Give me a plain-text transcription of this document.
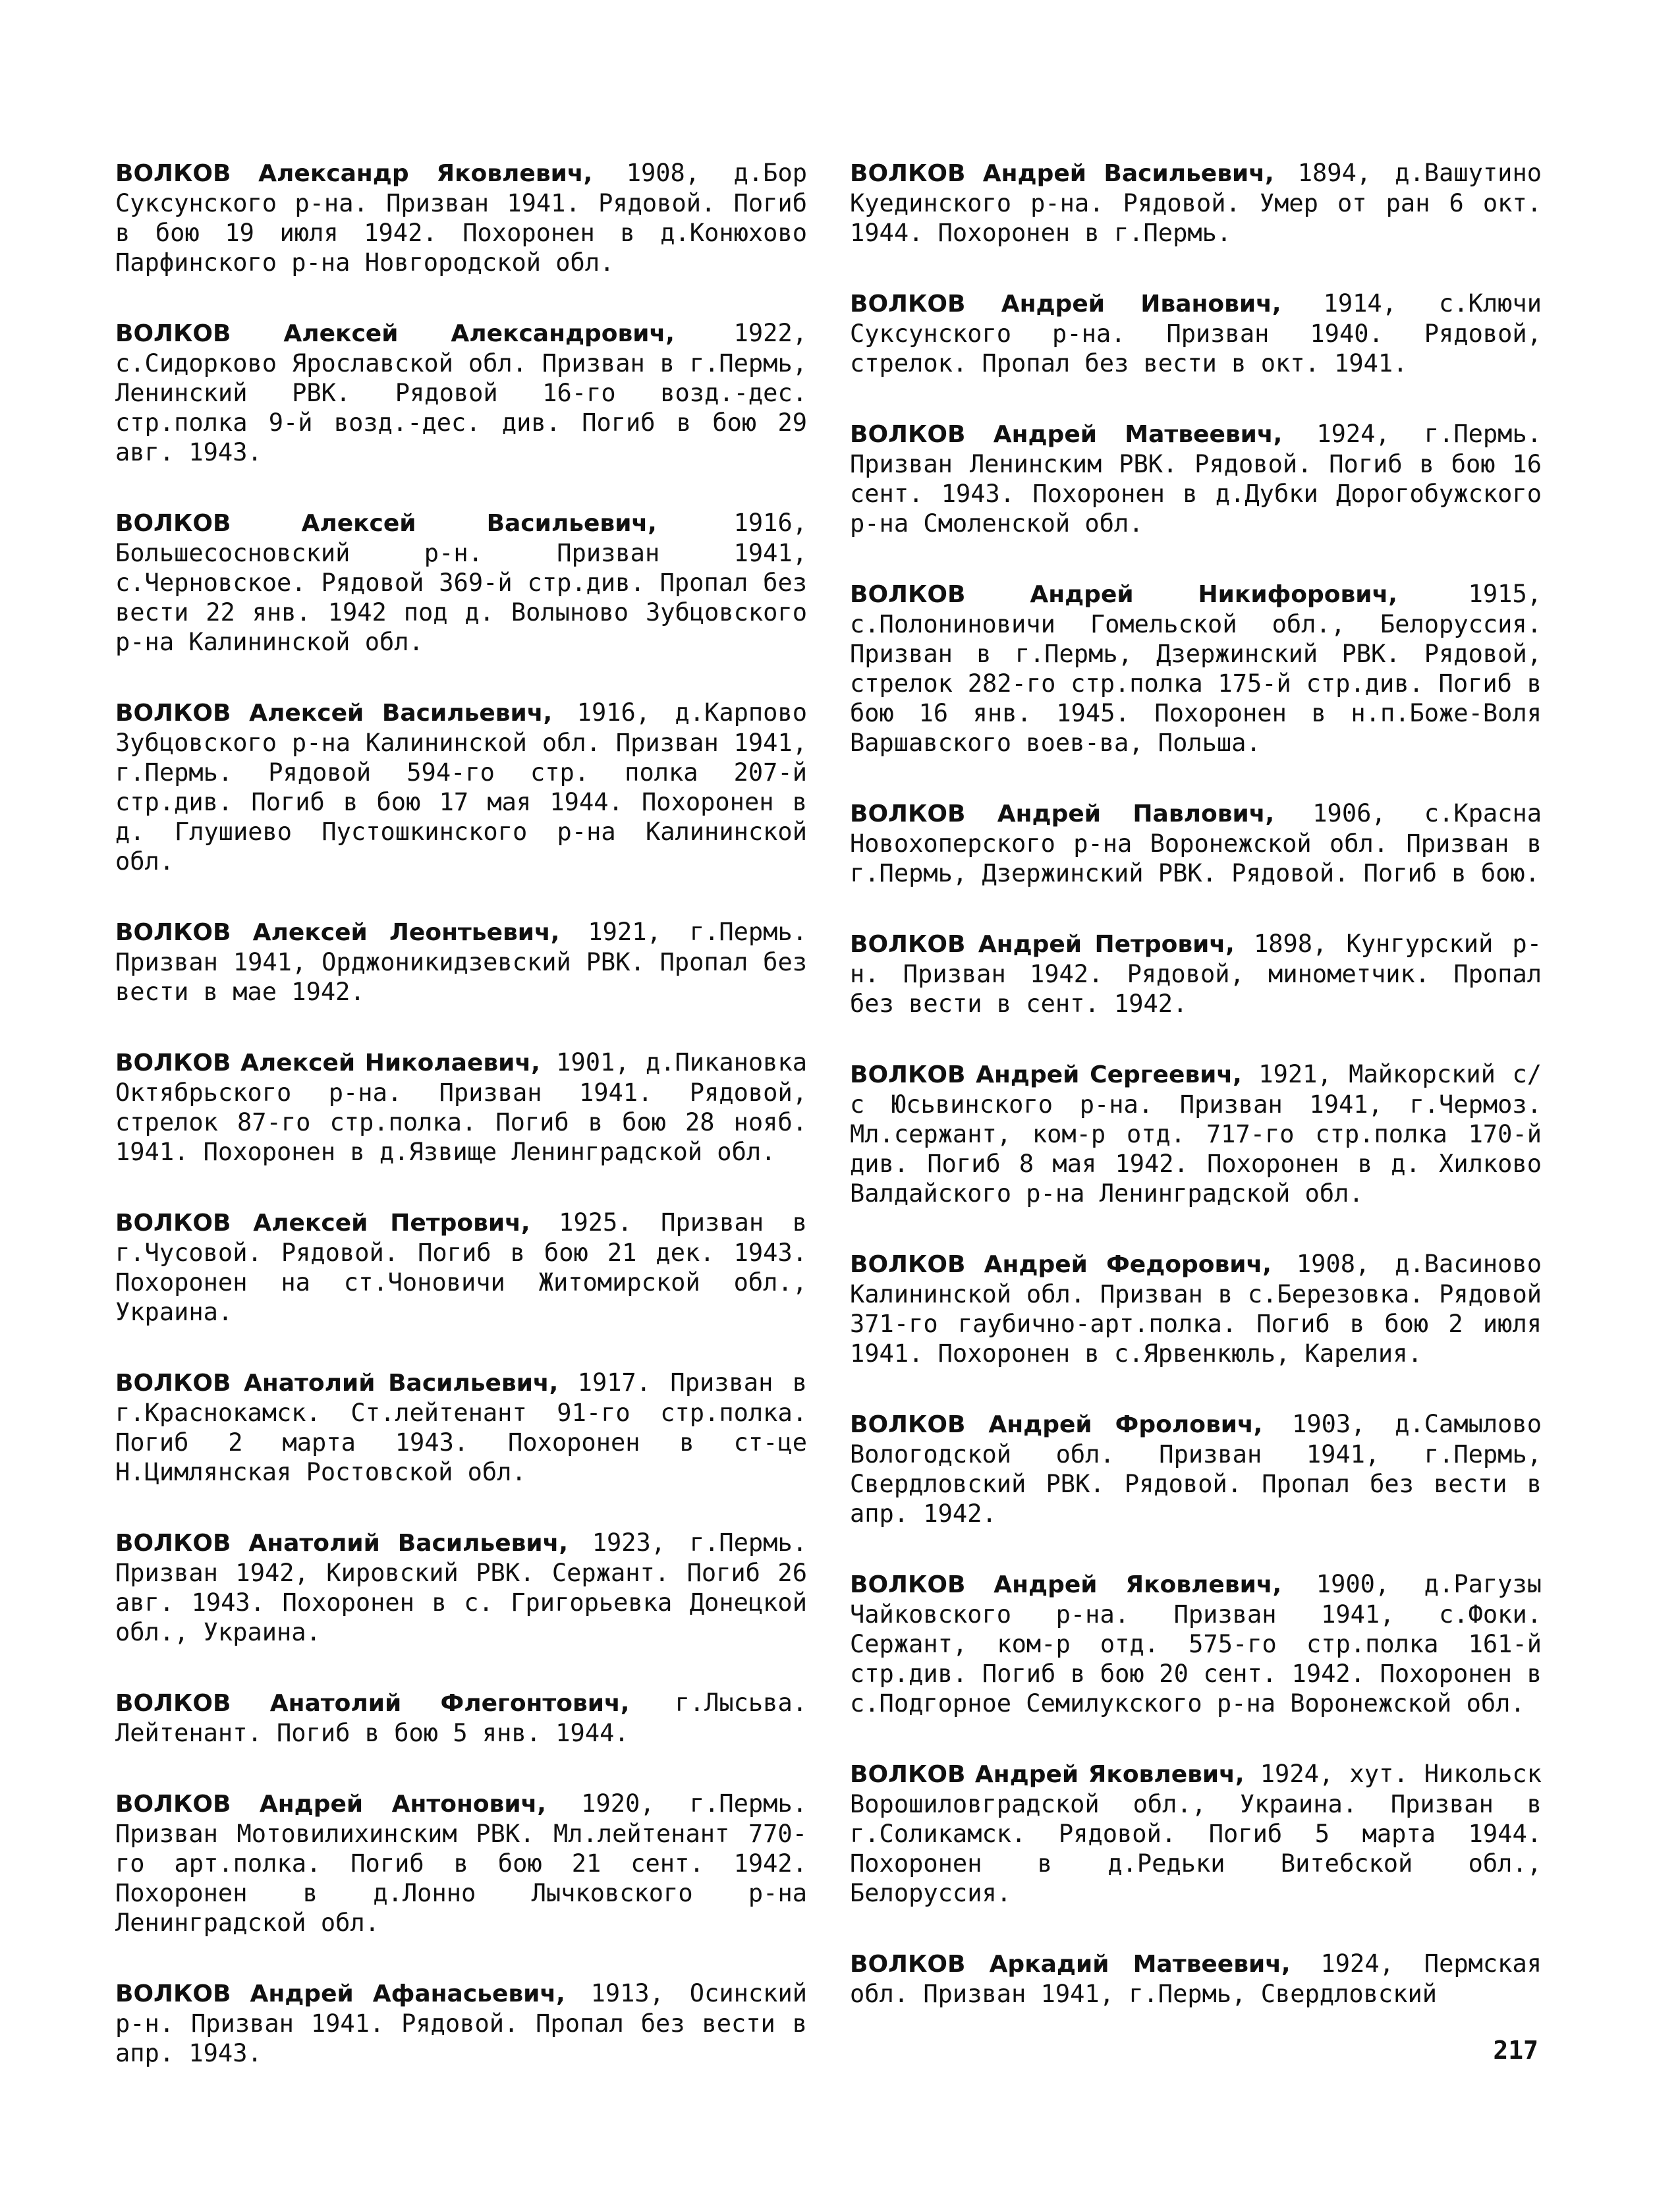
ВОЛКОВ Александр Яковлевич, 1908, д.Бор Суксунского р-на. Призван 1941. Рядовой. Погиб в бою 19 июля 1942. Похоронен в д.Конюхово Парфинского р-на Новгородской обл.

ВОЛКОВ Алексей Александрович, 1922, с.Сидорково Ярославской обл. Призван в г.Пермь, Ленинский РВК. Рядовой 16-го возд.-дес. стр.полка 9-й возд.-дес. див. Погиб в бою 29 авг. 1943.

ВОЛКОВ Алексей Васильевич, 1916, Большесосновский р-н. Призван 1941, с.Черновское. Рядовой 369-й стр.див. Пропал без вести 22 янв. 1942 под д. Волыново Зубцовского р-на Калининской обл.

ВОЛКОВ Алексей Васильевич, 1916, д.Карпово Зубцовского р-на Калининской обл. Призван 1941, г.Пермь. Рядовой 594-го стр. полка 207-й стр.див. Погиб в бою 17 мая 1944. Похоронен в д. Глушиево Пустошкинского р-на Калининской обл.

ВОЛКОВ Алексей Леонтьевич, 1921, г.Пермь. Призван 1941, Орджоникидзевский РВК. Пропал без вести в мае 1942.

ВОЛКОВ Алексей Николаевич, 1901, д.Пикановка Октябрьского р-на. Призван 1941. Рядовой, стрелок 87-го стр.полка. Погиб в бою 28 нояб. 1941. Похоронен в д.Язвище Ленинградской обл.

ВОЛКОВ Алексей Петрович, 1925. Призван в г.Чусовой. Рядовой. Погиб в бою 21 дек. 1943. Похоронен на ст.Чоновичи Житомирской обл., Украина.

ВОЛКОВ Анатолий Васильевич, 1917. Призван в г.Краснокамск. Ст.лейтенант 91-го стр.полка. Погиб 2 марта 1943. Похоронен в ст-це Н.Цимлянская Ростовской обл.

ВОЛКОВ Анатолий Васильевич, 1923, г.Пермь. Призван 1942, Кировский РВК. Сержант. Погиб 26 авг. 1943. Похоронен в с. Григорьевка Донецкой обл., Украина.

ВОЛКОВ Анатолий Флегонтович, г.Лысьва. Лейтенант. Погиб в бою 5 янв. 1944.

ВОЛКОВ Андрей Антонович, 1920, г.Пермь. Призван Мотовилихинским РВК. Мл.лейтенант 770-го арт.полка. Погиб в бою 21 сент. 1942. Похоронен в д.Лонно Лычковского р-на Ленинградской обл.

ВОЛКОВ Андрей Афанасьевич, 1913, Осинский р-н. Призван 1941. Рядовой. Пропал без вести в апр. 1943.

ВОЛКОВ Андрей Васильевич, 1894, д.Вашутино Куединского р-на. Рядовой. Умер от ран 6 окт. 1944. Похоронен в г.Пермь.

ВОЛКОВ Андрей Иванович, 1914, с.Ключи Суксунского р-на. Призван 1940. Рядовой, стрелок. Пропал без вести в окт. 1941.

ВОЛКОВ Андрей Матвеевич, 1924, г.Пермь. Призван Ленинским РВК. Рядовой. Погиб в бою 16 сент. 1943. Похоронен в д.Дубки Дорогобужского р-на Смоленской обл.

ВОЛКОВ Андрей Никифорович, 1915, с.Полониновичи Гомельской обл., Белоруссия. Призван в г.Пермь, Дзержинский РВК. Рядовой, стрелок 282-го стр.полка 175-й стр.див. Погиб в бою 16 янв. 1945. Похоронен в н.п.Боже-Воля Варшавского воев-ва, Польша.

ВОЛКОВ Андрей Павлович, 1906, с.Красна Новохоперского р-на Воронежской обл. Призван в г.Пермь, Дзержинский РВК. Рядовой. Погиб в бою.

ВОЛКОВ Андрей Петрович, 1898, Кунгурский р-н. Призван 1942. Рядовой, минометчик. Пропал без вести в сент. 1942.

ВОЛКОВ Андрей Сергеевич, 1921, Майкорский с/с Юсьвинского р-на. Призван 1941, г.Чермоз. Мл.сержант, ком-р отд. 717-го стр.полка 170-й див. Погиб 8 мая 1942. Похоронен в д. Хилково Валдайского р-на Ленинградской обл.

ВОЛКОВ Андрей Федорович, 1908, д.Васиново Калининской обл. Призван в с.Березовка. Рядовой 371-го гаубично-арт.полка. Погиб в бою 2 июля 1941. Похоронен в с.Ярвенкюль, Карелия.

ВОЛКОВ Андрей Фролович, 1903, д.Самылово Вологодской обл. Призван 1941, г.Пермь, Свердловский РВК. Рядовой. Пропал без вести в апр. 1942.

ВОЛКОВ Андрей Яковлевич, 1900, д.Рагузы Чайковского р-на. Призван 1941, с.Фоки. Сержант, ком-р отд. 575-го стр.полка 161-й стр.див. Погиб в бою 20 сент. 1942. Похоронен в с.Подгорное Семилукского р-на Воронежской обл.

ВОЛКОВ Андрей Яковлевич, 1924, хут. Никольск Ворошиловградской обл., Украина. Призван в г.Соликамск. Рядовой. Погиб 5 марта 1944. Похоронен в д.Редьки Витебской обл., Белоруссия.

ВОЛКОВ Аркадий Матвеевич, 1924, Пермская обл. Призван 1941, г.Пермь, Свердловский

217
